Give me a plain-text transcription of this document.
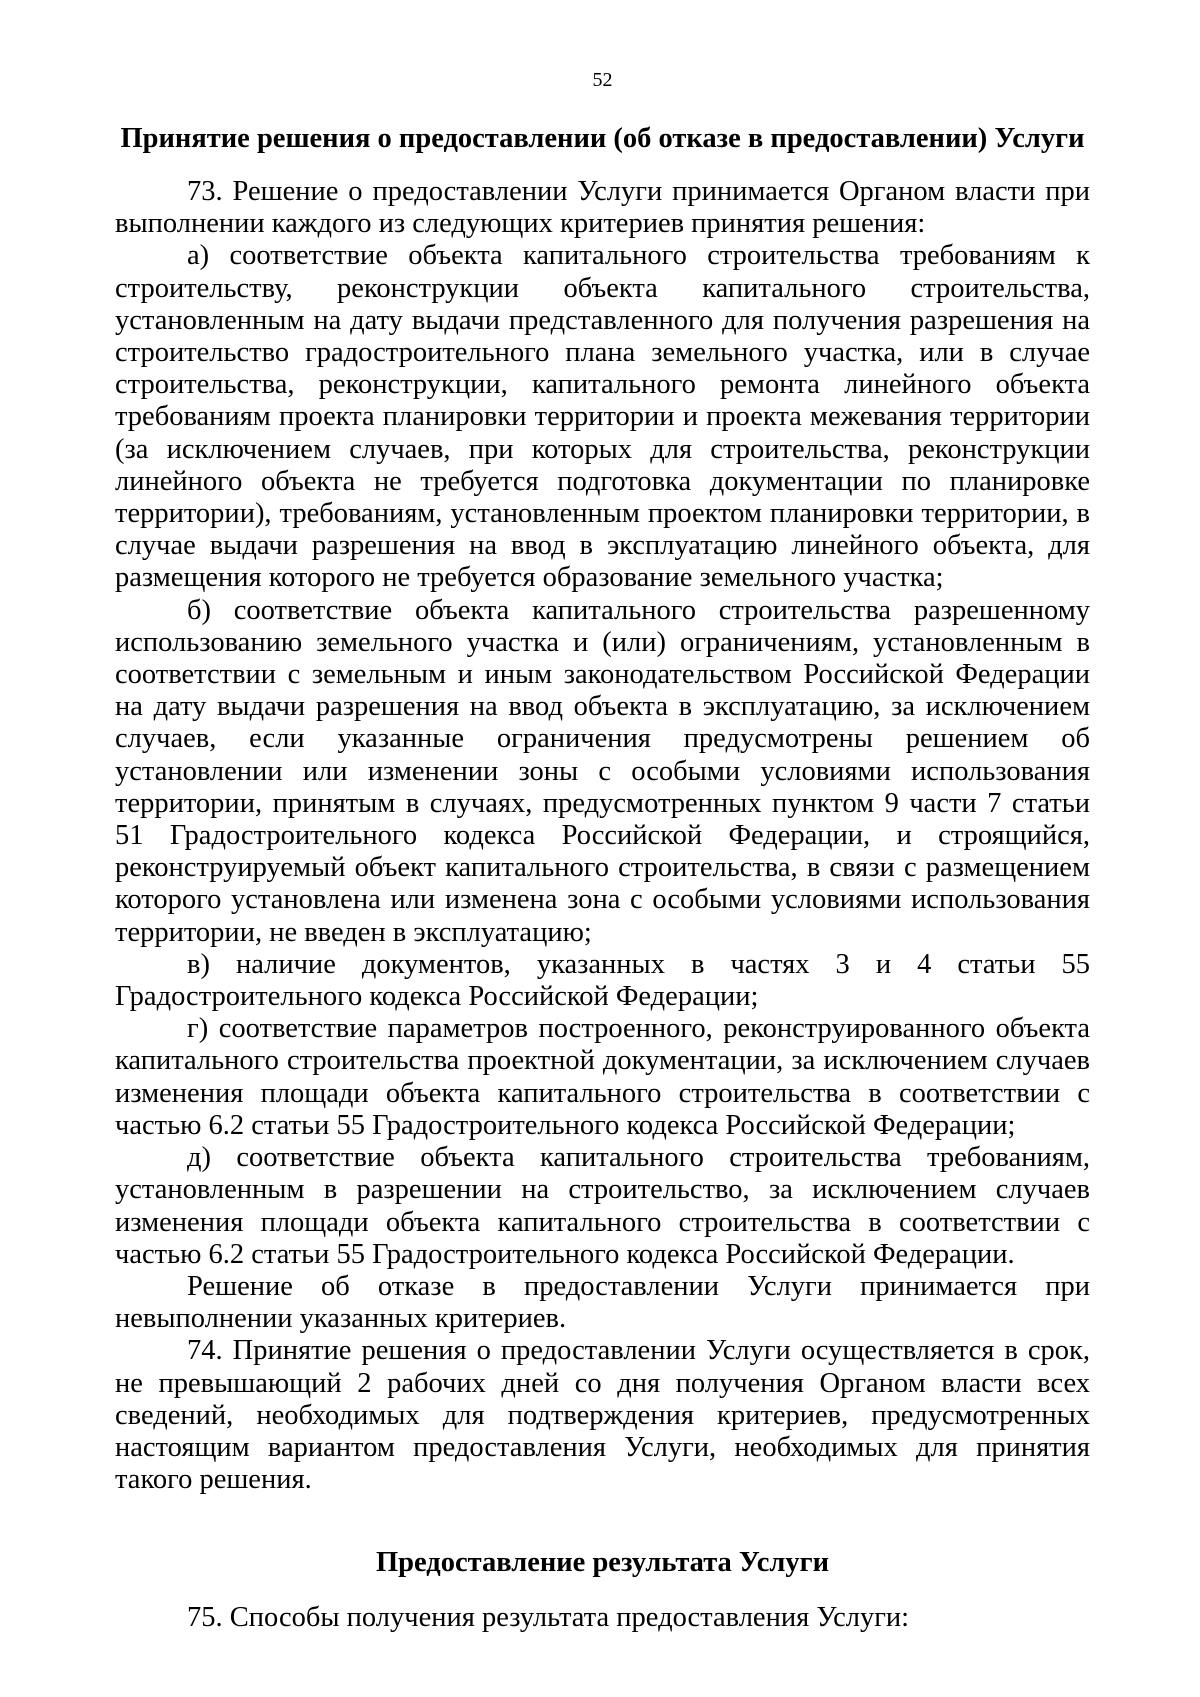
52
Принятие решения о предоставлении (об отказе в предоставлении) Услуги

73. Решение о предоставлении Услуги принимается Органом власти при выполнении каждого из следующих критериев принятия решения:

а) соответствие объекта капитального строительства требованиям к строительству, реконструкции объекта капитального строительства, установленным на дату выдачи представленного для получения разрешения на строительство градостроительного плана земельного участка, или в случае строительства, реконструкции, капитального ремонта линейного объекта требованиям проекта планировки территории и проекта межевания территории (за исключением случаев, при которых для строительства, реконструкции линейного объекта не требуется подготовка документации по планировке территории), требованиям, установленным проектом планировки территории, в случае выдачи разрешения на ввод в эксплуатацию линейного объекта, для размещения которого не требуется образование земельного участка;

б) соответствие объекта капитального строительства разрешенному использованию земельного участка и (или) ограничениям, установленным в соответствии с земельным и иным законодательством Российской Федерации на дату выдачи разрешения на ввод объекта в эксплуатацию, за исключением случаев, если указанные ограничения предусмотрены решением об установлении или изменении зоны с особыми условиями использования территории, принятым в случаях, предусмотренных пунктом 9 части 7 статьи 51 Градостроительного кодекса Российской Федерации, и строящийся, реконструируемый объект капитального строительства, в связи с размещением которого установлена или изменена зона с особыми условиями использования территории, не введен в эксплуатацию;

в) наличие документов, указанных в частях 3 и 4 статьи 55 Градостроительного кодекса Российской Федерации;

г) соответствие параметров построенного, реконструированного объекта капитального строительства проектной документации, за исключением случаев изменения площади объекта капитального строительства в соответствии с частью 6.2 статьи 55 Градостроительного кодекса Российской Федерации;

д) соответствие объекта капитального строительства требованиям, установленным в разрешении на строительство, за исключением случаев изменения площади объекта капитального строительства в соответствии с частью 6.2 статьи 55 Градостроительного кодекса Российской Федерации.

Решение об отказе в предоставлении Услуги принимается при невыполнении указанных критериев.

74. Принятие решения о предоставлении Услуги осуществляется в срок, не превышающий 2 рабочих дней со дня получения Органом власти всех сведений, необходимых для подтверждения критериев, предусмотренных настоящим вариантом предоставления Услуги, необходимых для принятия такого решения.

Предоставление результата Услуги

75. Способы получения результата предоставления Услуги:
